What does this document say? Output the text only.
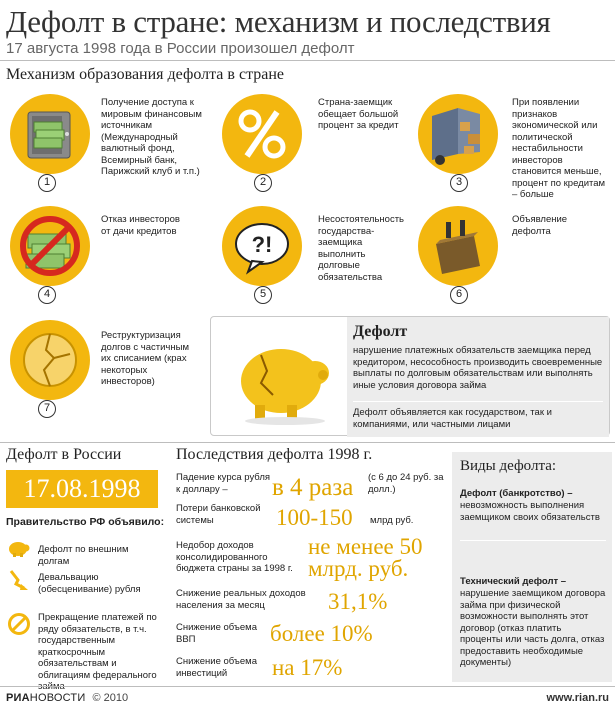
Дефолт в стране: механизм и последствия
17 августа 1998 года в России произошел дефолт
Механизм образования дефолта в стране
1
Получение доступа к мировым финансовым источникам (Международный валютный фонд, Всемирный банк, Парижский клуб и т.п.)
2
Страна-заемщик обещает большой процент за кредит
3
При появлении признаков экономической или политической нестабильности инвесторов становится меньше, процент по кредитам – больше
4
Отказ инвесторов от дачи кредитов
?!
5
Несостоятельность государства-заемщика выполнить долговые обязательства
6
Объявление дефолта
7
Реструктуризация долгов с частичным их списанием (крах некоторых инвесторов)
Дефолт
нарушение платежных обязательств заемщика перед кредитором, несособность производить своевременные выплаты по долговым обязательствам или выполнять иные условия договора займа
Дефолт объявляется как государством, так и компаниями, или частными лицами
Дефолт в России
17.08.1998
Правительство РФ объявило:
Дефолт по внешним долгам
Девальвацию (обесценивание) рубля
Прекращение платежей по ряду обязательств, в т.ч. государственным краткосрочным обязательствам и облигациям федерального
Последствия дефолта 1998 г.
Падение курса рубля к доллару –	в 4 раза (с 6 до 24 руб. за долл.)
Потери банковской системы	100-150 млрд руб.
Недобор доходов консолидированного бюджета страны за 1998 г.
не менее 50 млрд. руб.
Снижение реальных доходов населения за месяц	31,1%
Снижение объема ВВП	более 10%
Снижение объема инвестиций	на 17%
Виды дефолта:
Дефолт (банкротство) –
невозможность выполнения заемщиком своих обязательств
Технический дефолт –
нарушение заемщиком договора займа при физической возможности выполнять этот договор (отказ платить проценты или часть долга, отказ предоставить необходимые документы)
РИАНОВОСТИ © 2010	www.rian.ru
